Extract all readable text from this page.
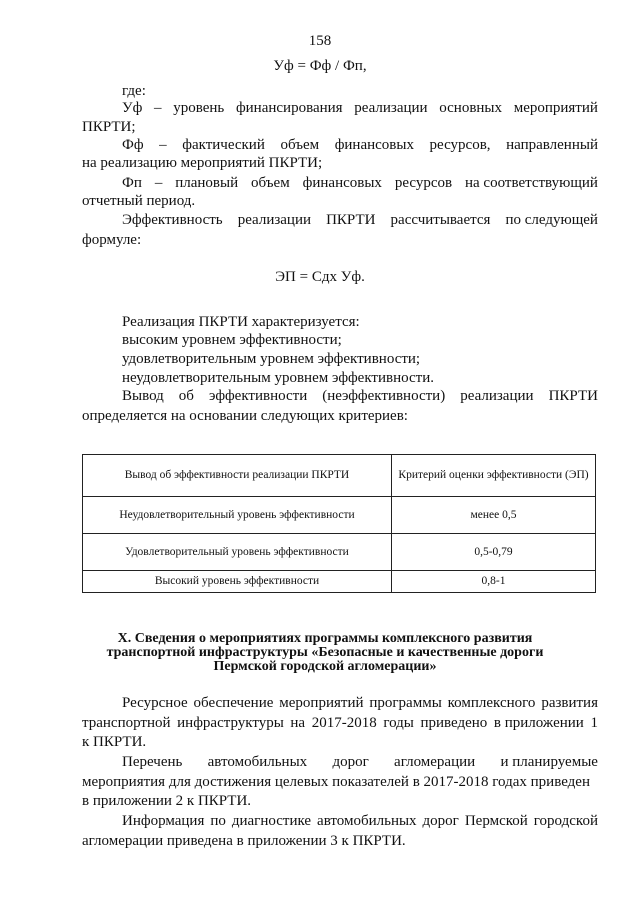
158
Уф = Фф / Фп,
где:
Уф – уровень финансирования реализации основных мероприятий
ПКРТИ;
Фф – фактический объем финансовых ресурсов, направленный
на реализацию мероприятий ПКРТИ;
Фп – плановый объем финансовых ресурсов на соответствующий
отчетный период.
Эффективность реализации ПКРТИ рассчитывается по следующей
формуле:
ЭП = Сдх Уф.
Реализация ПКРТИ характеризуется:
высоким уровнем эффективности;
удовлетворительным уровнем эффективности;
неудовлетворительным уровнем эффективности.
Вывод об эффективности (неэффективности) реализации ПКРТИ
определяется на основании следующих критериев:
Вывод об эффективности реализации ПКРТИ	Критерий оценки эффективности (ЭП)
Неудовлетворительный уровень эффективности	менее 0,5
Удовлетворительный уровень эффективности	0,5-0,79
Высокий уровень эффективности	0,8-1
X. Сведения о мероприятиях программы комплексного развития транспортной инфраструктуры «Безопасные и качественные дороги Пермской городской агломерации»
Ресурсное обеспечение мероприятий программы комплексного развития
транспортной инфраструктуры на 2017-2018 годы приведено в приложении 1
к ПКРТИ.
Перечень автомобильных дорог агломерации и планируемые
мероприятия для достижения целевых показателей в 2017-2018 годах приведен
в приложении 2 к ПКРТИ.
Информация по диагностике автомобильных дорог Пермской городской
агломерации приведена в приложении 3 к ПКРТИ.
